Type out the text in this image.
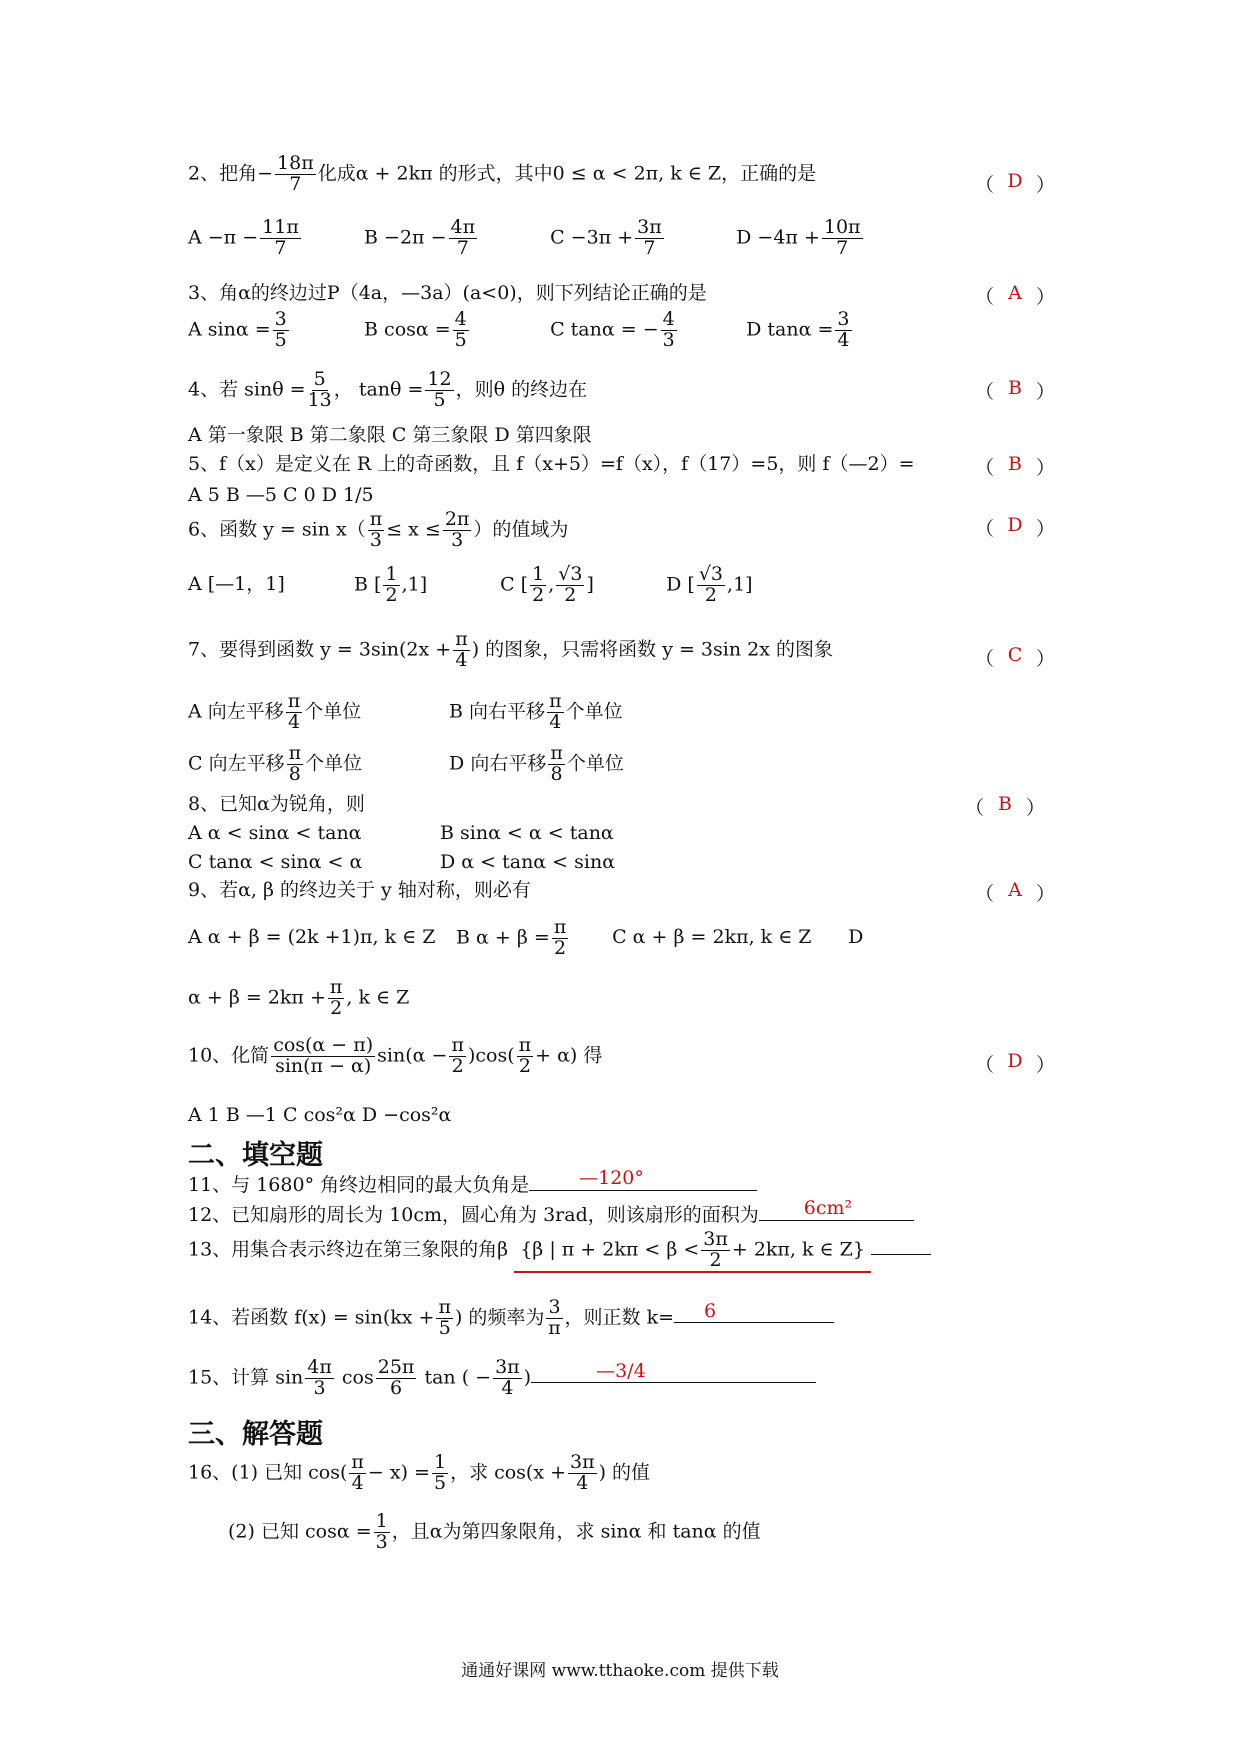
2、把角− $\frac{18\pi}{7}$ 化成α + 2kπ 的形式，其中0 ≤ α < 2π, k ∈ Z，正确的是
（ D ）
$A -\pi - \frac{11\pi}{7}$	$B -2\pi - \frac{4\pi}{7}$	$C -3\pi + \frac{3\pi}{7}$	$D -4\pi + \frac{10\pi}{7}$
3、角α的终边过P（4a，—3a）(a<0)，则下列结论正确的是	（ A ）
A $\sin\alpha = \frac{3}{5}$	B $\cos\alpha = \frac{4}{5}$	C tanα = − $\frac{4}{3}$	D $\tan\alpha = \frac{3}{4}$
4、若 $\sin\theta = \frac{5}{13}$ ， $\tan\theta = \frac{12}{5}$ ，则θ 的终边在	（ B ）
A 第一象限 B 第二象限 C 第三象限 D 第四象限
5、f（x）是定义在 R 上的奇函数，且 f（x+5）=f（x），f（17）=5，则 f（—2）=	（ B ）
A 5 B —5 C 0 D 1/5
6、函数 $y = \sin x( \frac{\pi}{3} \le x \le \frac{2\pi}{3}$ ）的值域为	（ D ）
A [—1，1]	B [ $\frac{1}{2} ,1$]	C [ $\frac{1}{2}$ , $\frac{√3}{2}$ ]	D [ $\frac{√3}{2} ,1$]
7、要得到函数 $y = 3\sin(2x + \frac{\pi}{4}$ ) 的图象，只需将函数 y = 3sin 2x 的图象	（ C ）
A 向左平移 $\frac{\pi}{4}$ 个单位	B 向右平移 $\frac{\pi}{4}$ 个单位
C 向左平移 $\frac{\pi}{8}$ 个单位	D 向右平移 $\frac{\pi}{8}$ 个单位
8、已知α为锐角，则	（ B ）
A α < sinα < tanα	B sinα < α < tanα
C tanα < sinα < α	D α < tanα < sinα
9、若α, β 的终边关于 y 轴对称，则必有	（ A ）
A α + β = (2k +1)π, k ∈ Z B $\alpha + \beta = \frac{\pi}{2}$ C α + β = 2kπ, k ∈ Z D
$\alpha + \beta = 2k\pi + \frac{\pi}{2}$ , k ∈ Z
10、化简 $\frac{\cos(\alpha - \pi)}{\sin(\pi - \alpha)} \sin(\alpha - \frac{\pi}{2} )\cos( \frac{\pi}{2} + \alpha)$ 得	（ D ）
A 1 B —1 C cos²α D −cos²α
二、填空题
11、与 1680° 角终边相同的最大负角是	—120°
12、已知扇形的周长为 10cm，圆心角为 3rad，则该扇形的面积为	6cm²
13、用集合表示终边在第三象限的角β {β | $\pi + 2k\pi < \beta < \frac{3\pi}{2} + 2k\pi$, k ∈ Z}
14、若函数 $f(x) = \sin(kx + \frac{\pi}{5}$ ) 的频率为 $\frac{3}{\pi}$ ，则正数 k=	6
15、计算 $\sin \frac{4\pi}{3}$ $\cos \frac{25\pi}{6}$ tan ( − $\frac{3\pi}{4}$ )	—3/4
三、解答题
16、(1) 已知 $\cos( \frac{\pi}{4} - x) = \frac{1}{5}$ ，求 $\cos(x + \frac{3\pi}{4}$ ) 的值
(2) 已知 $\cos\alpha = \frac{1}{3}$ ，且α为第四象限角，求 sinα 和 tanα 的值
通通好课网 www.tthaoke.com 提供下载
